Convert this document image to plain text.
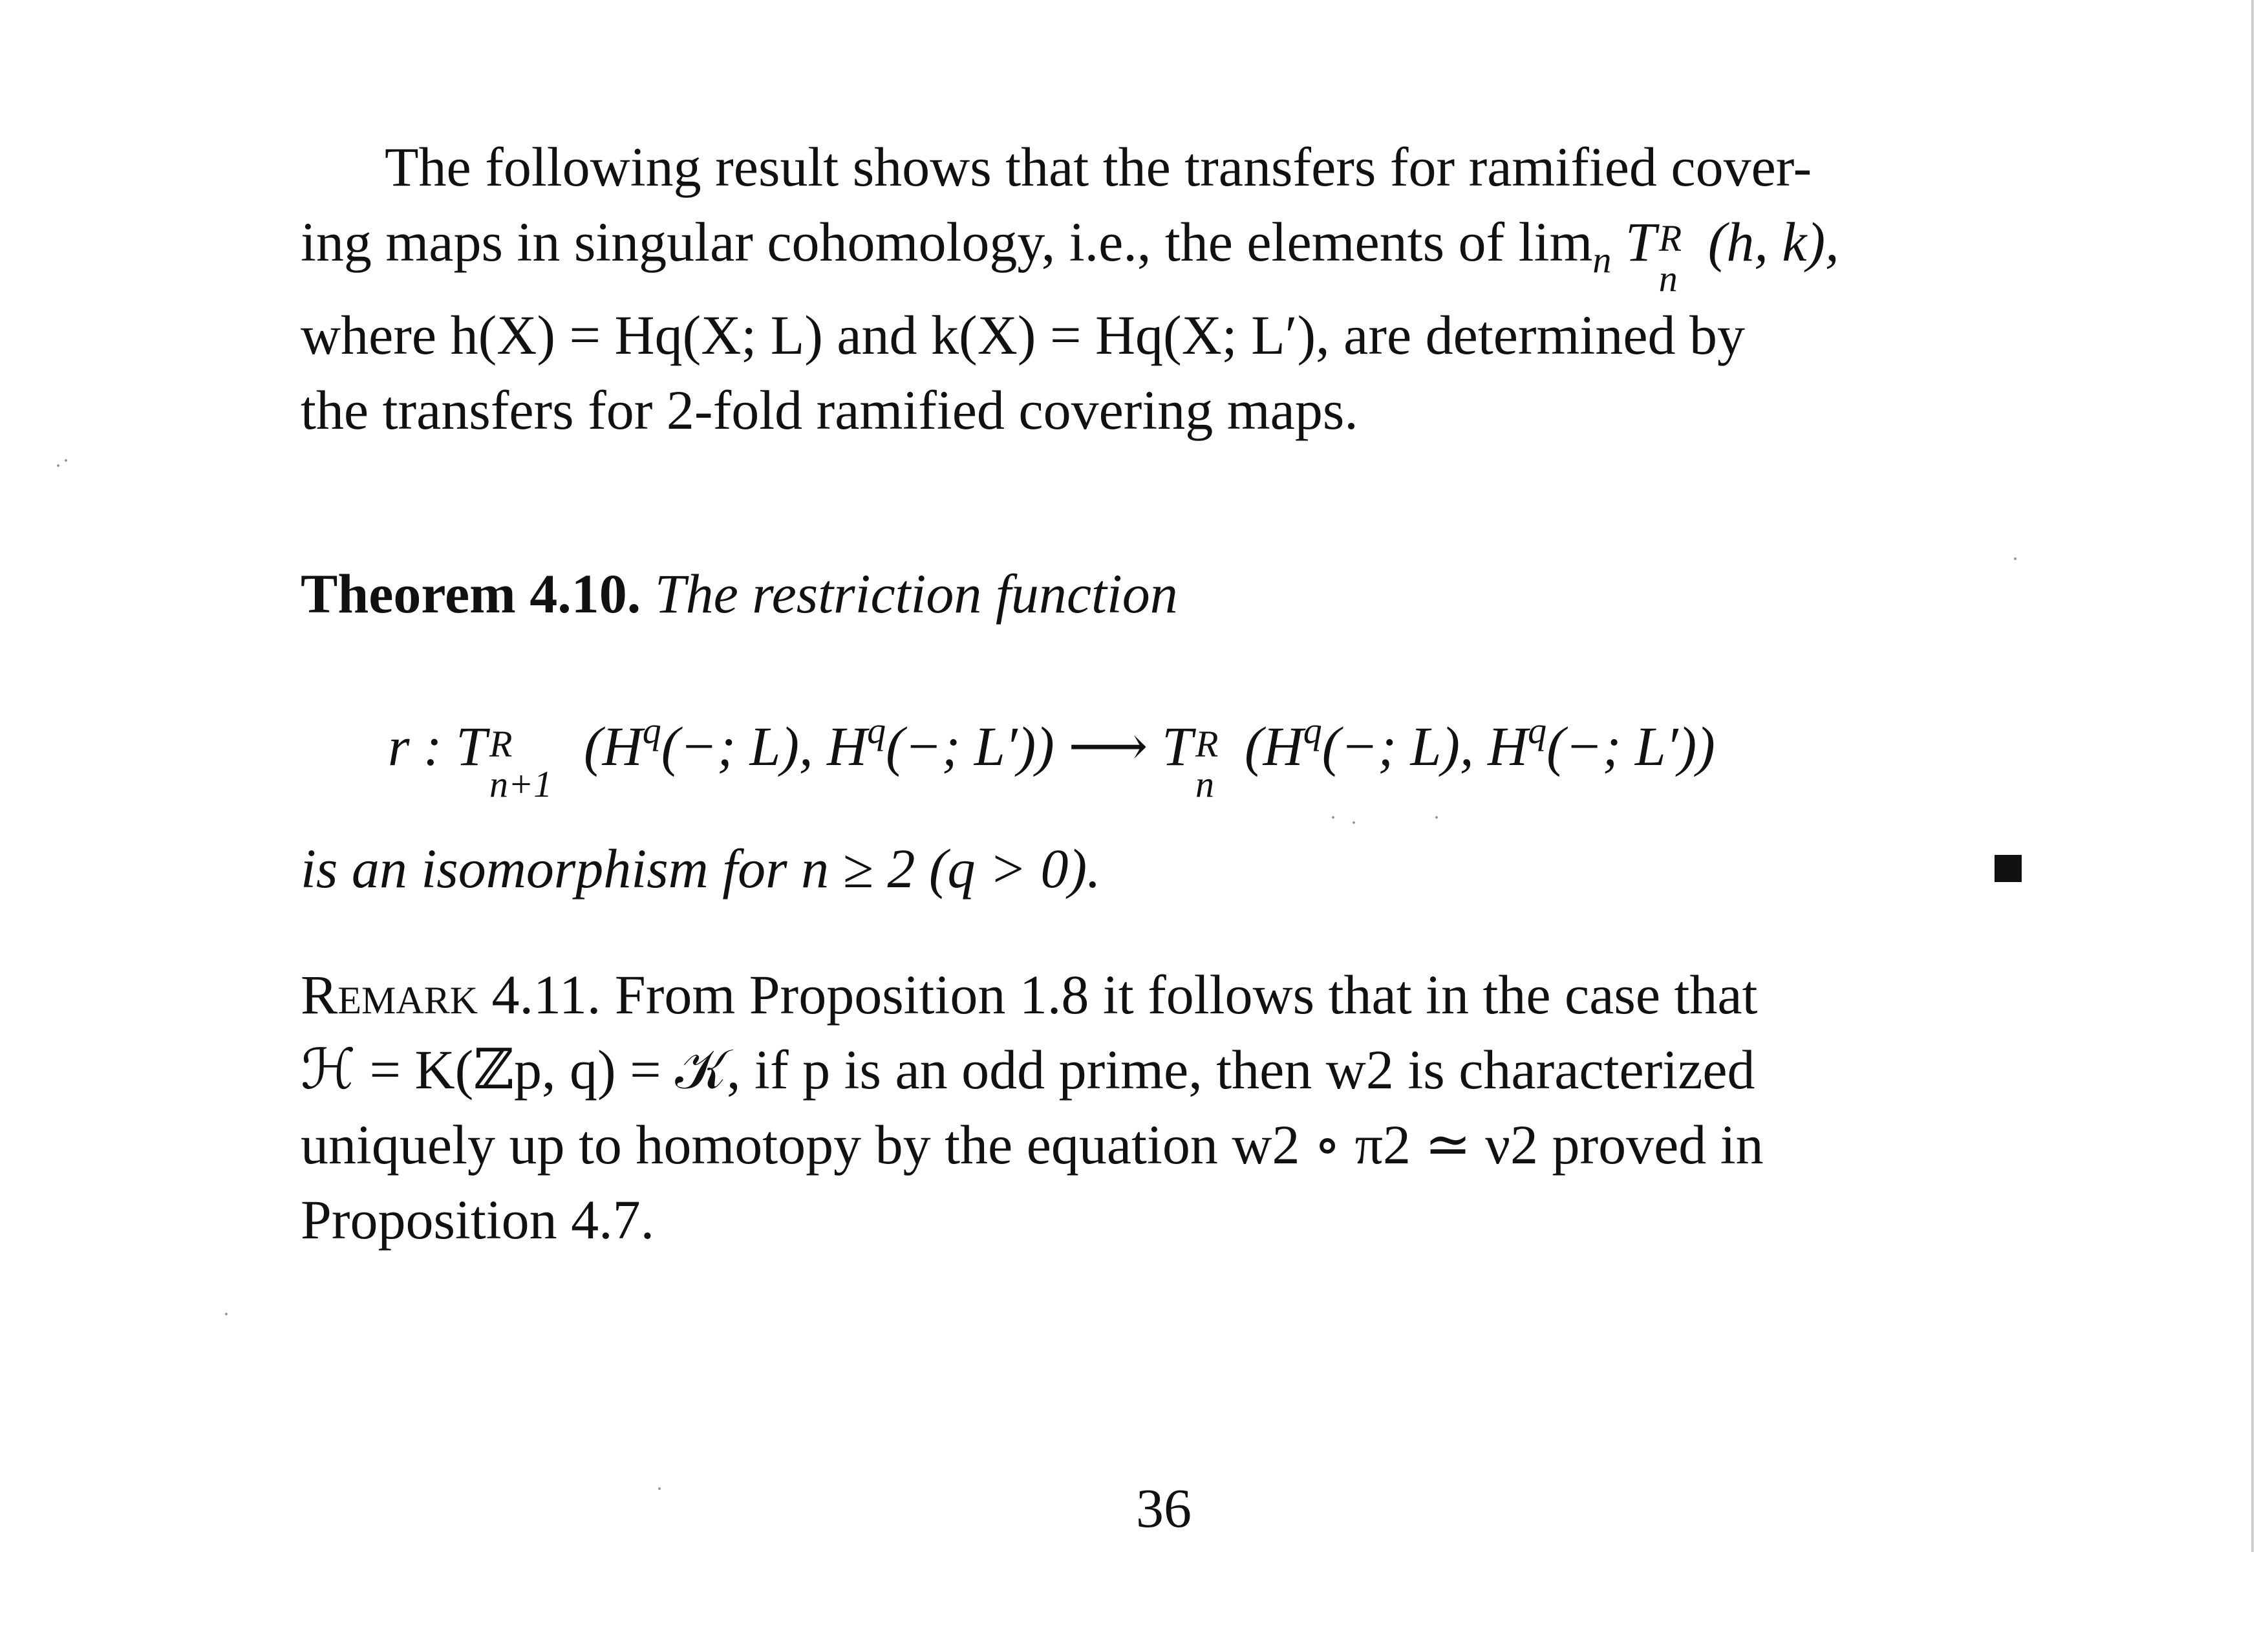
The following result shows that the transfers for ramified cover-
ing maps in singular cohomology, i.e., the elements of $\lim_n T$ R
n
(h, k),
where h(X) = Hq(X; L) and k(X) = Hq(X; L′), are determined by
the transfers for 2-fold ramified covering maps.
Theorem 4.10. The restriction function
r : T R
n+1
($H^q(-$; L), $H^q(-$; L′)) ⟶ T R
n
($H^q(-$; L), $H^q(-$; L′))
is an isomorphism for n ≥ 2 (q > 0).
Remark 4.11. From Proposition 1.8 it follows that in the case that
ℋ = K(ℤp, q) = 𝒦, if p is an odd prime, then w2 is characterized
uniquely up to homotopy by the equation w2 ∘ π2 ≃ ν2 proved in
Proposition 4.7.
36
